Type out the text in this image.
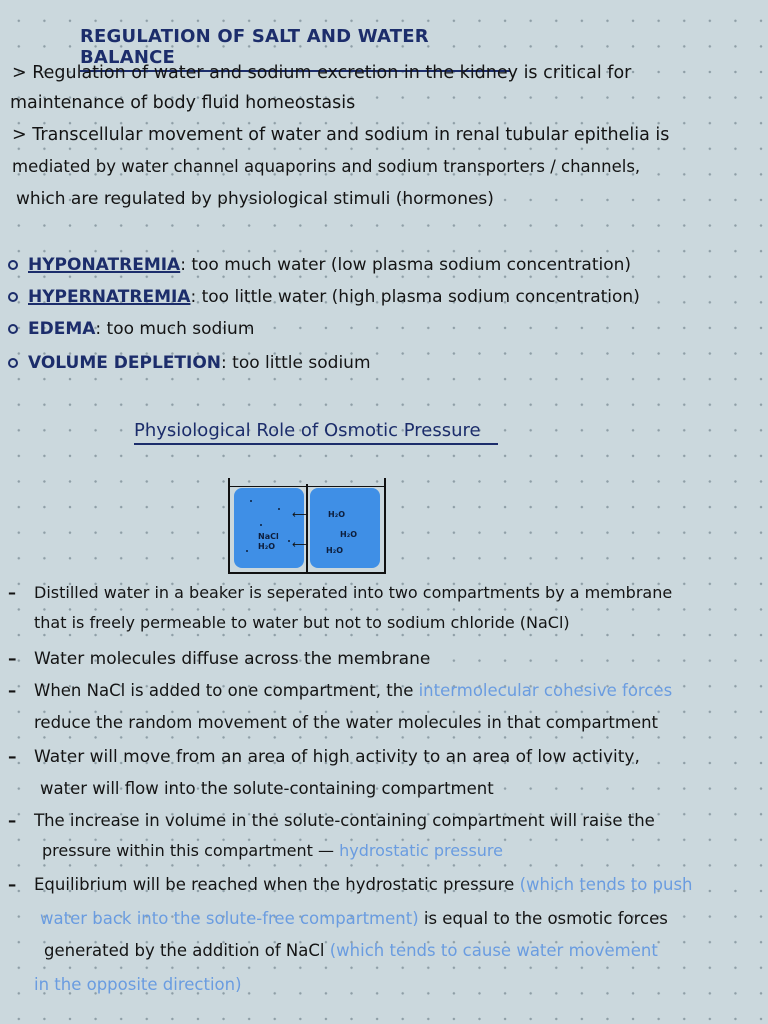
REGULATION OF SALT AND WATER BALANCE
> Regulation of water and sodium excretion in the kidney is critical for
maintenance of body fluid homeostasis
> Transcellular movement of water and sodium in renal tubular epithelia is
mediated by water channel aquaporins and sodium transporters / channels,
which are regulated by physiological stimuli (hormones)
HYPONATREMIA: too much water (low plasma sodium concentration)
HYPERNATREMIA: too little water (high plasma sodium concentration)
EDEMA: too much sodium
VOLUME DEPLETION: too little sodium
Physiological Role of Osmotic Pressure
NaCl
H₂O
⟵	H₂O
H₂O
⟵ H₂O
– Distilled water in a beaker is seperated into two compartments by a membrane
that is freely permeable to water but not to sodium chloride (NaCl)
– Water molecules diffuse across the membrane
– When NaCl is added to one compartment, the intermolecular cohesive forces
reduce the random movement of the water molecules in that compartment
– Water will move from an area of high activity to an area of low activity,
water will flow into the solute-containing compartment
– The increase in volume in the solute-containing compartment will raise the
pressure within this compartment — hydrostatic pressure
– Equilibrium will be reached when the hydrostatic pressure (which tends to push
water back into the solute-free compartment) is equal to the osmotic forces
generated by the addition of NaCl (which tends to cause water movement
in the opposite direction)
